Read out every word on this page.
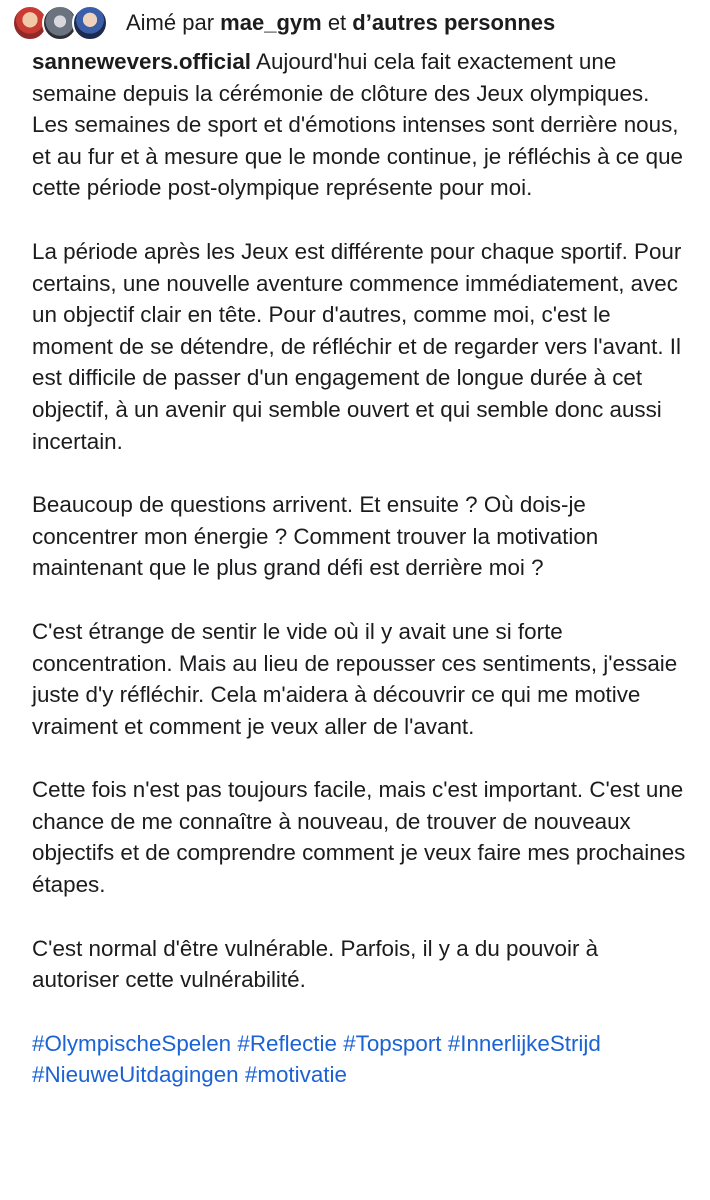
Aimé par mae_gym et d’autres personnes

sannewevers.official Aujourd'hui cela fait exactement une semaine depuis la cérémonie de clôture des Jeux olympiques. Les semaines de sport et d'émotions intenses sont derrière nous, et au fur et à mesure que le monde continue, je réfléchis à ce que cette période post-olympique représente pour moi.

La période après les Jeux est différente pour chaque sportif. Pour certains, une nouvelle aventure commence immédiatement, avec un objectif clair en tête. Pour d'autres, comme moi, c'est le moment de se détendre, de réfléchir et de regarder vers l'avant. Il est difficile de passer d'un engagement de longue durée à cet objectif, à un avenir qui semble ouvert et qui semble donc aussi incertain.

Beaucoup de questions arrivent. Et ensuite ? Où dois-je concentrer mon énergie ? Comment trouver la motivation maintenant que le plus grand défi est derrière moi ?

C'est étrange de sentir le vide où il y avait une si forte concentration. Mais au lieu de repousser ces sentiments, j'essaie juste d'y réfléchir. Cela m'aidera à découvrir ce qui me motive vraiment et comment je veux aller de l'avant.

Cette fois n'est pas toujours facile, mais c'est important. C'est une chance de me connaître à nouveau, de trouver de nouveaux objectifs et de comprendre comment je veux faire mes prochaines étapes.

C'est normal d'être vulnérable. Parfois, il y a du pouvoir à autoriser cette vulnérabilité.

#OlympischeSpelen #Reflectie #Topsport #InnerlijkeStrijd #NieuweUitdagingen #motivatie
